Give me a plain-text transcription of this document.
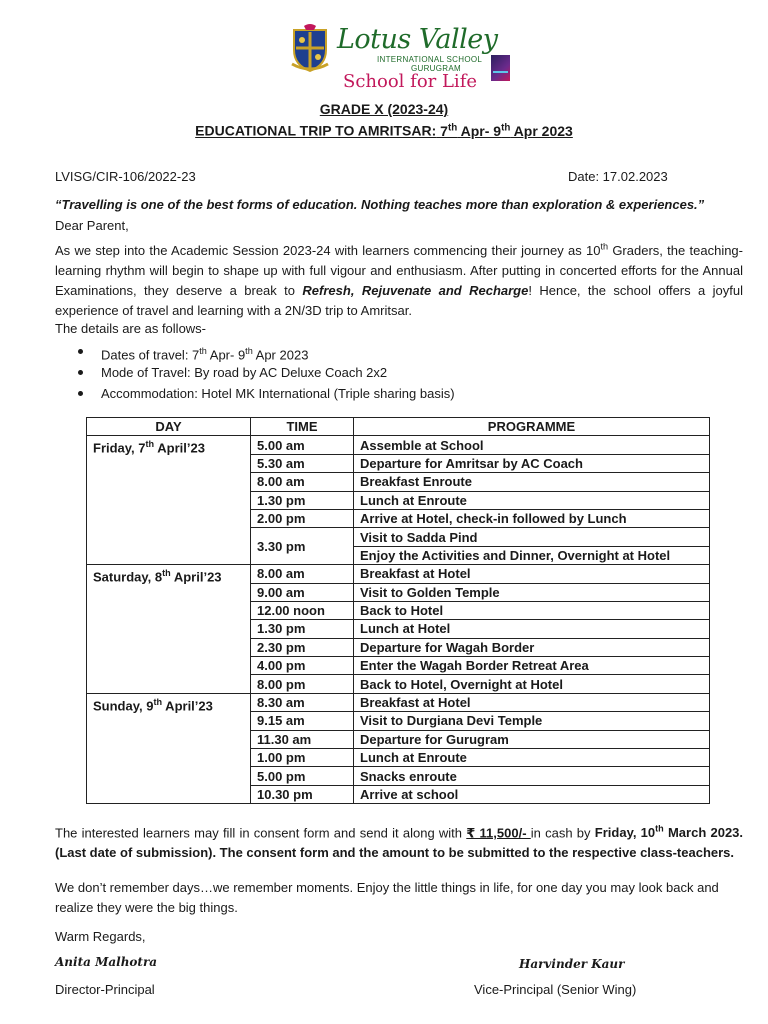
Lotus Valley
INTERNATIONAL SCHOOL
GURUGRAM
School for Life
GRADE X (2023-24)
EDUCATIONAL TRIP TO AMRITSAR: 7th Apr- 9th Apr 2023
LVISG/CIR-106/2022-23	Date: 17.02.2023
“Travelling is one of the best forms of education. Nothing teaches more than exploration & experiences.”
Dear Parent,
As we step into the Academic Session 2023-24 with learners commencing their journey as 10th Graders, the teaching-learning rhythm will begin to shape up with full vigour and enthusiasm. After putting in concerted efforts for the Annual Examinations, they deserve a break to Refresh, Rejuvenate and Recharge! Hence, the school offers a joyful experience of travel and learning with a 2N/3D trip to Amritsar.
The details are as follows-
Dates of travel: 7th Apr- 9th Apr 2023
Mode of Travel: By road by AC Deluxe Coach 2x2
Accommodation: Hotel MK International (Triple sharing basis)
DAY	TIME	PROGRAMME
Friday, 7th April’23	5.00 am	Assemble at School
	5.30 am	Departure for Amritsar by AC Coach
	8.00 am	Breakfast Enroute
	1.30 pm	Lunch at Enroute
	2.00 pm	Arrive at Hotel, check-in followed by Lunch
	3.30 pm	Visit to Sadda Pind
		Enjoy the Activities and Dinner, Overnight at Hotel
Saturday, 8th April’23	8.00 am	Breakfast at Hotel
	9.00 am	Visit to Golden Temple
	12.00 noon	Back to Hotel
	1.30 pm	Lunch at Hotel
	2.30 pm	Departure for Wagah Border
	4.00 pm	Enter the Wagah Border Retreat Area
	8.00 pm	Back to Hotel, Overnight at Hotel
Sunday, 9th April’23	8.30 am	Breakfast at Hotel
	9.15 am	Visit to Durgiana Devi Temple
	11.30 am	Departure for Gurugram
	1.00 pm	Lunch at Enroute
	5.00 pm	Snacks enroute
	10.30 pm	Arrive at school
The interested learners may fill in consent form and send it along with ₹ 11,500/- in cash by Friday, 10th March 2023. (Last date of submission). The consent form and the amount to be submitted to the respective class-teachers.
We don’t remember days…we remember moments. Enjoy the little things in life, for one day you may look back and realize they were the big things.
Warm Regards,
Anita Malhotra	Harvinder Kaur
Director-Principal	Vice-Principal (Senior Wing)
